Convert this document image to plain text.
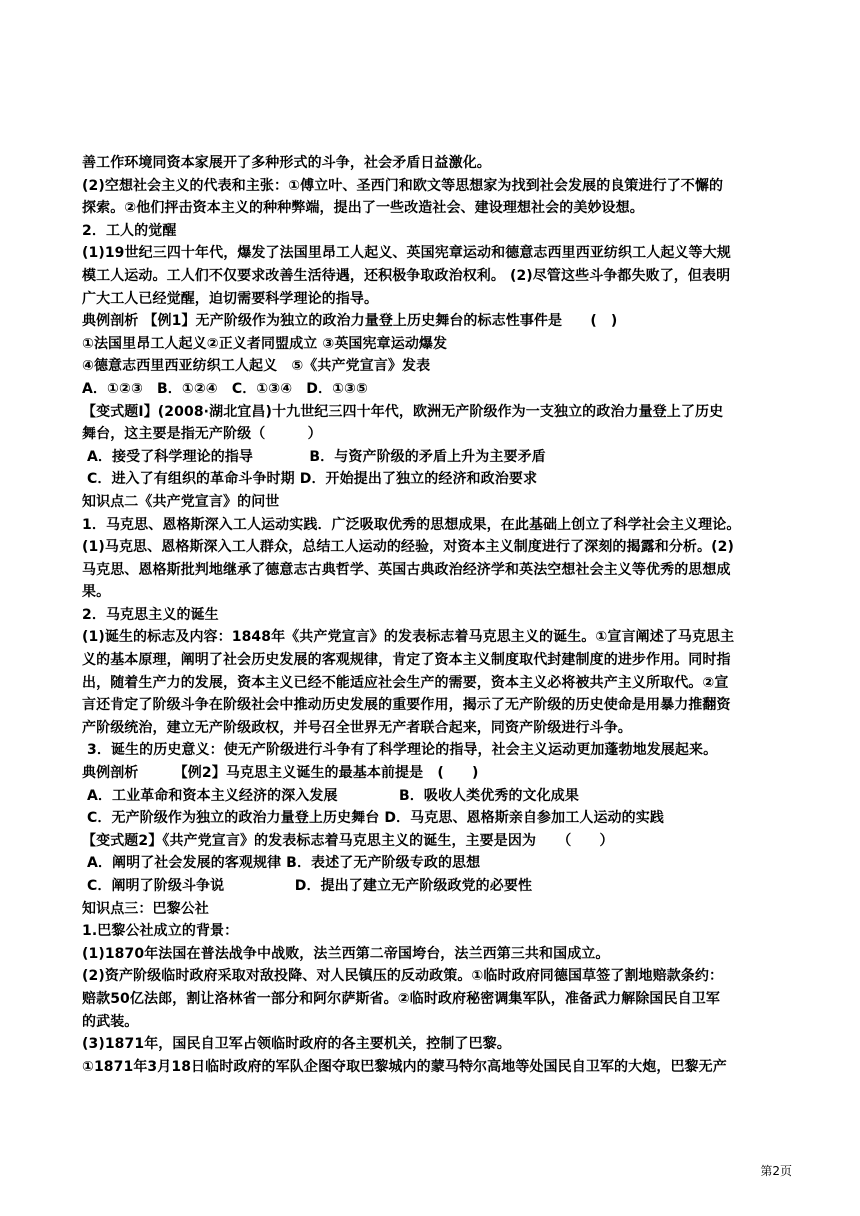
善工作环境同资本家展开了多种形式的斗争，社会矛盾日益激化。
(2)空想社会主义的代表和主张：①傅立叶、圣西门和欧文等思想家为找到社会发展的良策进行了不懈的
探索。②他们抨击资本主义的种种弊端，提出了一些改造社会、建设理想社会的美妙设想。
2．工人的觉醒
(1)19世纪三四十年代，爆发了法国里昂工人起义、英国宪章运动和德意志西里西亚纺织工人起义等大规
模工人运动。工人们不仅要求改善生活待遇，还积极争取政治权利。 (2)尽管这些斗争都失败了，但表明
广大工人已经觉醒，迫切需要科学理论的指导。
典例剖析 【例1】无产阶级作为独立的政治力量登上历史舞台的标志性事件是　　(　)
①法国里昂工人起义②正义者同盟成立 ③英国宪章运动爆发
④德意志西里西亚纺织工人起义　⑤《共产党宣言》发表
A．①②③　B．①②④　C．①③④　D．①③⑤
【变式题Ⅰ】(2008·湖北宜昌)十九世纪三四十年代，欧洲无产阶级作为一支独立的政治力量登上了历史
舞台，这主要是指无产阶级（　　　）
A．接受了科学理论的指导　　　　B．与资产阶级的矛盾上升为主要矛盾
C．进入了有组织的革命斗争时期 D．开始提出了独立的经济和政治要求
知识点二《共产党宣言》的问世
1．马克思、恩格斯深入工人运动实践．广泛吸取优秀的思想成果，在此基础上创立了科学社会主义理论。
(1)马克思、恩格斯深入工人群众，总结工人运动的经验，对资本主义制度进行了深刻的揭露和分析。(2)
马克思、恩格斯批判地继承了德意志古典哲学、英国古典政治经济学和英法空想社会主义等优秀的思想成
果。
2．马克思主义的诞生
(1)诞生的标志及内容：1848年《共产党宣言》的发表标志着马克思主义的诞生。①宣言阐述了马克思主
义的基本原理，阐明了社会历史发展的客观规律，肯定了资本主义制度取代封建制度的进步作用。同时指
出，随着生产力的发展，资本主义已经不能适应社会生产的需要，资本主义必将被共产主义所取代。②宣
言还肯定了阶级斗争在阶级社会中推动历史发展的重要作用，揭示了无产阶级的历史使命是用暴力推翻资
产阶级统治，建立无产阶级政权，并号召全世界无产者联合起来，同资产阶级进行斗争。
3．诞生的历史意义：使无产阶级进行斗争有了科学理论的指导，社会主义运动更加蓬勃地发展起来。
典例剖析　　　【例2】马克思主义诞生的最基本前提是　(　　)
A．工业革命和资本主义经济的深入发展　　　　 B．吸收人类优秀的文化成果
C．无产阶级作为独立的政治力量登上历史舞台 D．马克思、恩格斯亲自参加工人运动的实践
【变式题2】《共产党宣言》的发表标志着马克思主义的诞生，主要是因为　　（　　）
A．阐明了社会发展的客观规律 B．表述了无产阶级专政的思想
C．阐明了阶级斗争说　　　　　D．提出了建立无产阶级政党的必要性
知识点三：巴黎公社
1.巴黎公社成立的背景：
(1)1870年法国在普法战争中战败，法兰西第二帝国垮台，法兰西第三共和国成立。
(2)资产阶级临时政府采取对敌投降、对人民镇压的反动政策。①临时政府同德国草签了割地赔款条约：
赔款50亿法郎，割让洛林省一部分和阿尔萨斯省。②临时政府秘密调集军队，准备武力解除国民自卫军
的武装。
(3)1871年，国民自卫军占领临时政府的各主要机关，控制了巴黎。
①1871年3月18日临时政府的军队企图夺取巴黎城内的蒙马特尔高地等处国民自卫军的大炮，巴黎无产
第2页
